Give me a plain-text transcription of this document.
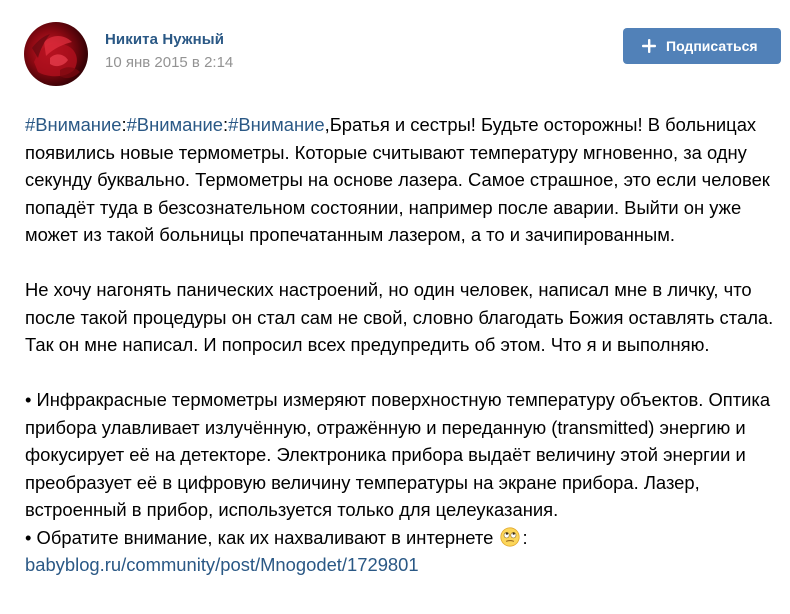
Никита Нужный
10 янв 2015 в 2:14
Подписаться

#Внимание:#Внимание:#Внимание,Братья и сестры! Будьте осторожны! В больницах появились новые термометры. Которые считывают температуру мгновенно, за одну секунду буквально. Термометры на основе лазера. Самое страшное, это если человек попадёт туда в безсознательном состоянии, например после аварии. Выйти он уже может из такой больницы пропечатанным лазером, а то и зачипированным.

Не хочу нагонять панических настроений, но один человек, написал мне в личку, что после такой процедуры он стал сам не свой, словно благодать Божия оставлять стала. Так он мне написал. И попросил всех предупредить об этом. Что я и выполняю.

• Инфракрасные термометры измеряют поверхностную температуру объектов. Оптика прибора улавливает излучённую, отражённую и переданную (transmitted) энергию и фокусирует её на детекторе. Электроника прибора выдаёт величину этой энергии и преобразует её в цифровую величину температуры на экране прибора. Лазер, встроенный в прибор, используется только для целеуказания.

• Обратите внимание, как их нахваливают в интернете :

babyblog.ru/community/post/Mnogodet/1729801
